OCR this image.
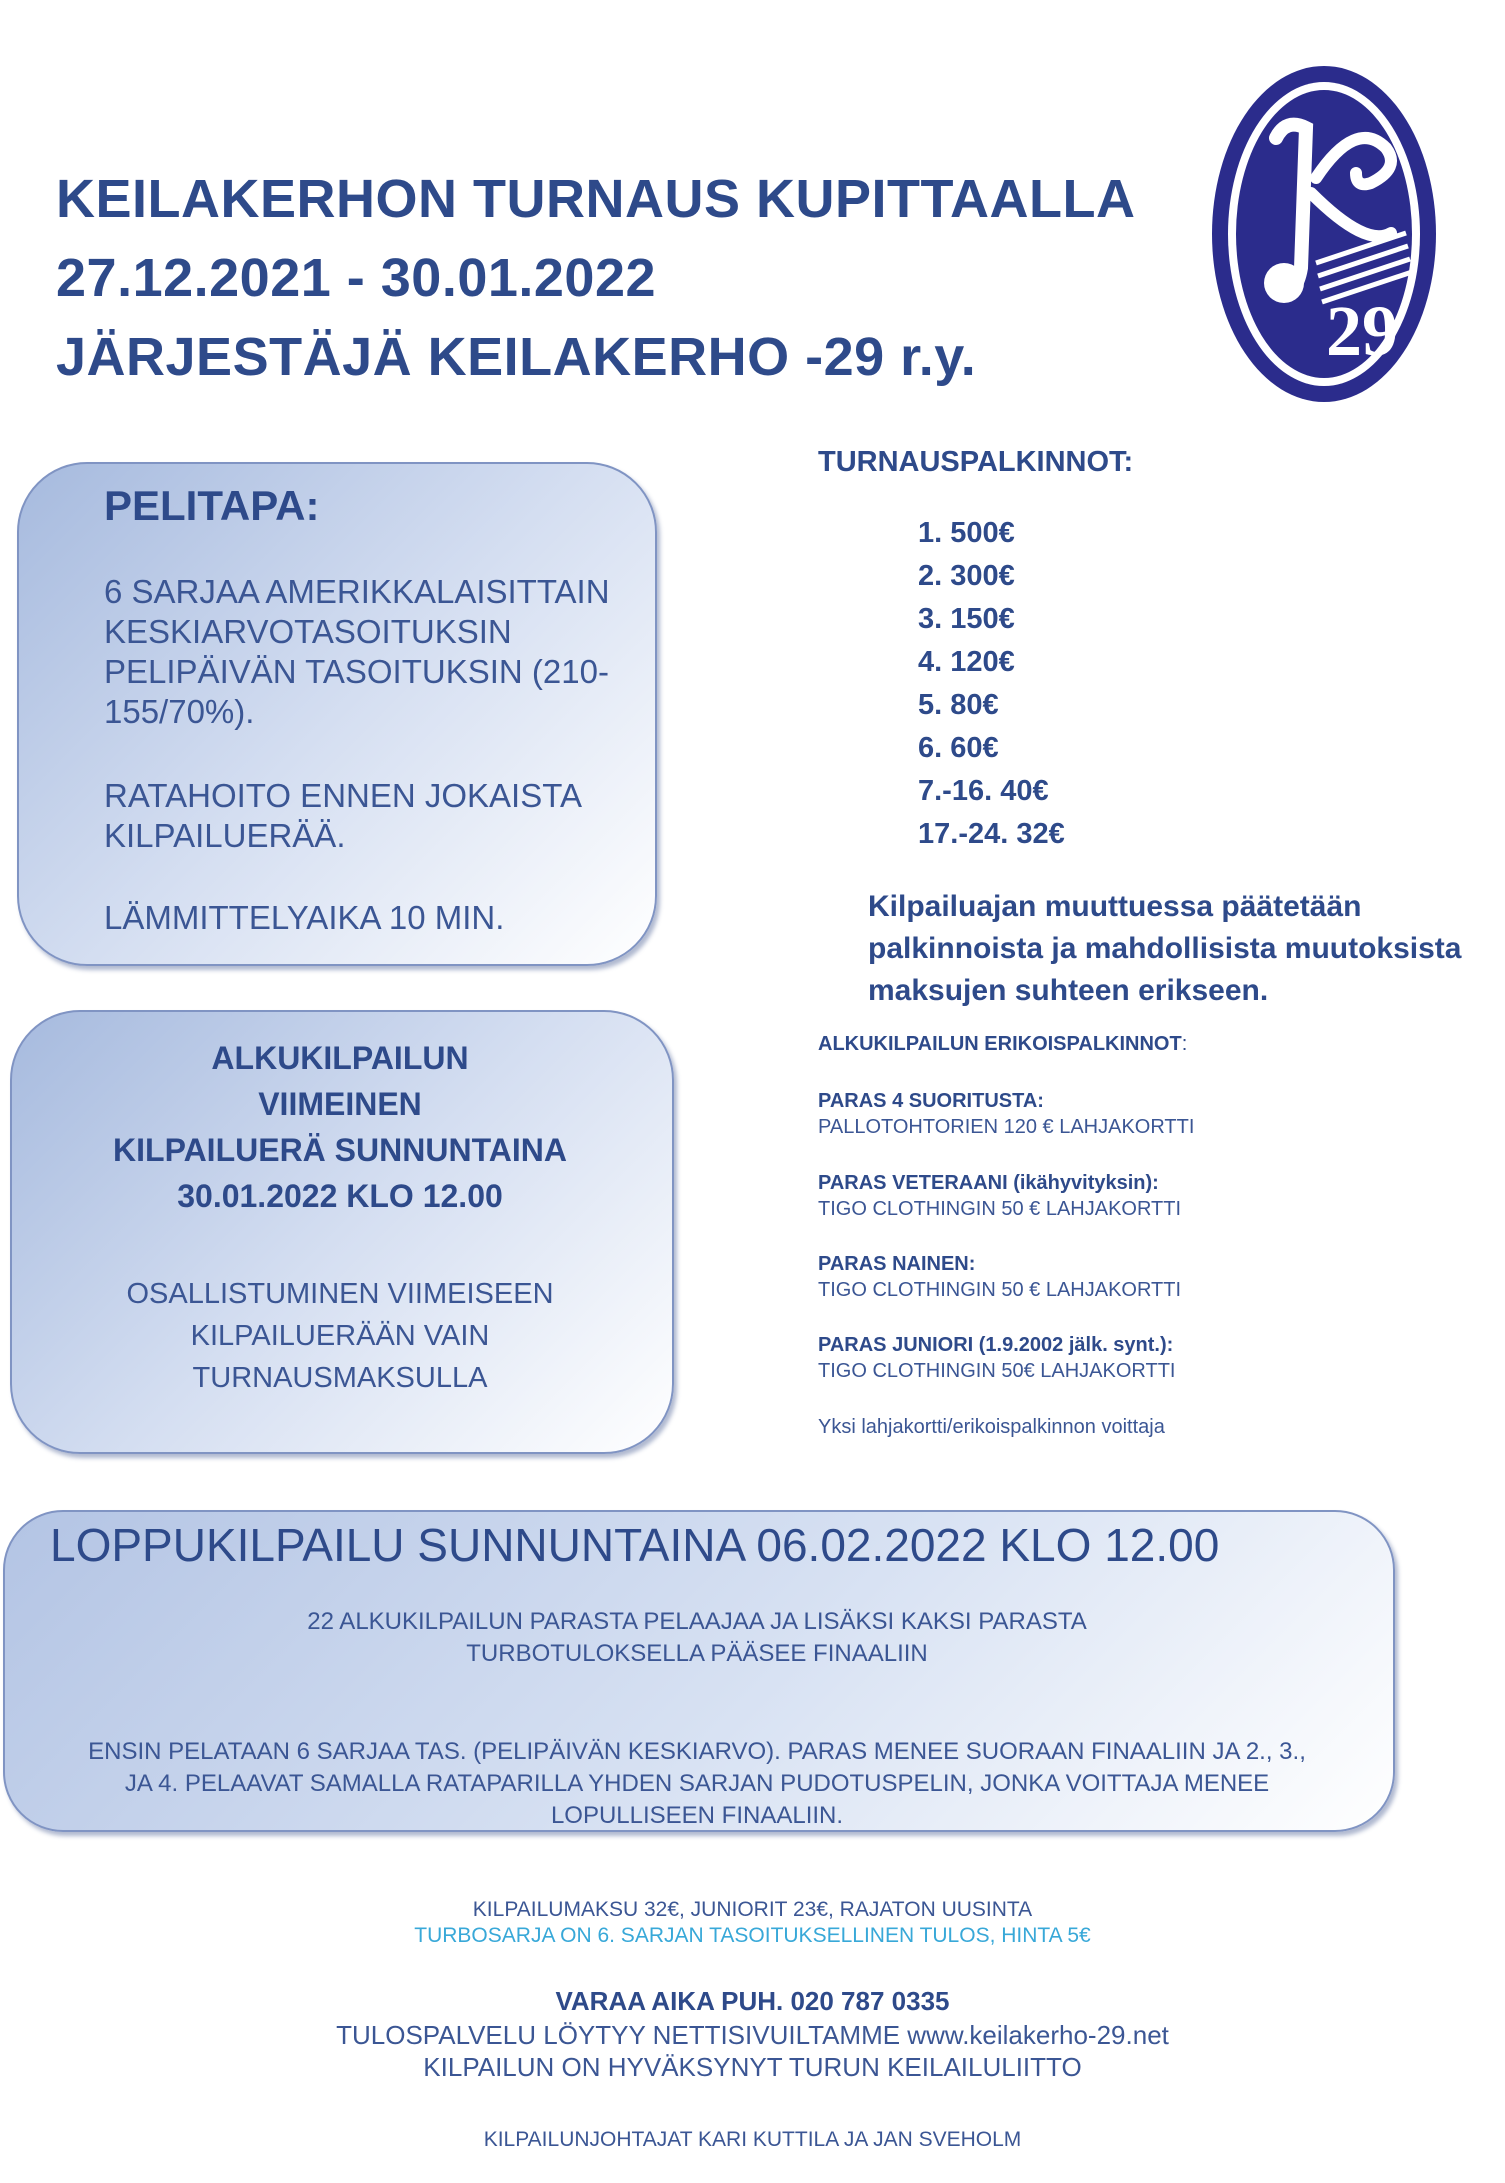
KEILAKERHON TURNAUS KUPITTAALLA
27.12.2021 - 30.01.2022
JÄRJESTÄJÄ KEILAKERHO -29 r.y.	29
PELITAPA:
6 SARJAA AMERIKKALAISITTAIN
KESKIARVOTASOITUKSIN
PELIPÄIVÄN TASOITUKSIN (210-
155/70%).
RATAHOITO ENNEN JOKAISTA
KILPAILUERÄÄ.
LÄMMITTELYAIKA 10 MIN.
ALKUKILPAILUN
VIIMEINEN
KILPAILUERÄ SUNNUNTAINA
30.01.2022 KLO 12.00
OSALLISTUMINEN VIIMEISEEN
KILPAILUERÄÄN VAIN
TURNAUSMAKSULLA
TURNAUSPALKINNOT:
1. 500€
2. 300€
3. 150€
4. 120€
5. 80€
6. 60€
7.-16. 40€
17.-24. 32€
Kilpailuajan muuttuessa päätetään
palkinnoista ja mahdollisista muutoksista
maksujen suhteen erikseen.
ALKUKILPAILUN ERIKOISPALKINNOT:
PARAS 4 SUORITUSTA:
PALLOTOHTORIEN 120 € LAHJAKORTTI
PARAS VETERAANI (ikähyvityksin):
TIGO CLOTHINGIN 50 € LAHJAKORTTI
PARAS NAINEN:
TIGO CLOTHINGIN 50 € LAHJAKORTTI
PARAS JUNIORI (1.9.2002 jälk. synt.):
TIGO CLOTHINGIN 50€ LAHJAKORTTI
Yksi lahjakortti/erikoispalkinnon voittaja
LOPPUKILPAILU SUNNUNTAINA 06.02.2022 KLO 12.00
22 ALKUKILPAILUN PARASTA PELAAJAA JA LISÄKSI KAKSI PARASTA
TURBOTULOKSELLA PÄÄSEE FINAALIIN
ENSIN PELATAAN 6 SARJAA TAS. (PELIPÄIVÄN KESKIARVO). PARAS MENEE SUORAAN FINAALIIN JA 2., 3.,
JA 4. PELAAVAT SAMALLA RATAPARILLA YHDEN SARJAN PUDOTUSPELIN, JONKA VOITTAJA MENEE
LOPULLISEEN FINAALIIN.
KILPAILUMAKSU 32€, JUNIORIT 23€, RAJATON UUSINTA
TURBOSARJA ON 6. SARJAN TASOITUKSELLINEN TULOS, HINTA 5€
VARAA AIKA PUH. 020 787 0335
TULOSPALVELU LÖYTYY NETTISIVUILTAMME www.keilakerho-29.net
KILPAILUN ON HYVÄKSYNYT TURUN KEILAILULIITTO
KILPAILUNJOHTAJAT KARI KUTTILA JA JAN SVEHOLM
